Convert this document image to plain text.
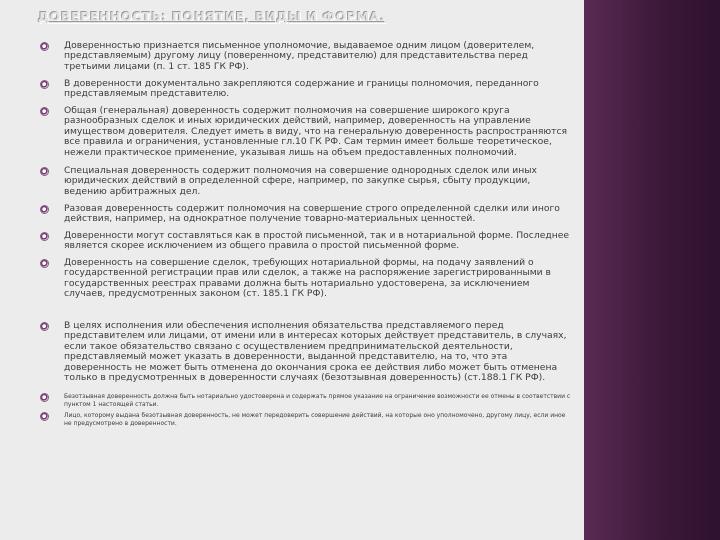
ДОВЕРЕННОСТЬ: ПОНЯТИЕ, ВИДЫ И ФОРМА.
Доверенностью признается письменное уполномочие, выдаваемое одним лицом (доверителем, представляемым) другому лицу (поверенному, представителю) для представительства перед третьими лицами (п. 1 ст. 185 ГК РФ).
В доверенности документально закрепляются содержание и границы полномочия, переданного представляемым представителю.
Общая (генеральная) доверенность содержит полномочия на совершение широкого круга разнообразных сделок и иных юридических действий, например, доверенность на управление имуществом доверителя. Следует иметь в виду, что на генеральную доверенность распространяются все правила и ограничения, установленные гл.10 ГК РФ. Сам термин имеет больше теоретическое, нежели практическое применение, указывая лишь на объем предоставленных полномочий.
Специальная доверенность содержит полномочия на совершение однородных сделок или иных юридических действий в определенной сфере, например, по закупке сырья, сбыту продукции, ведению арбитражных дел.
Разовая доверенность содержит полномочия на совершение строго определенной сделки или иного действия, например, на однократное получение товарно-материальных ценностей.
Доверенности могут составляться как в простой письменной, так и в нотариальной форме. Последнее является скорее исключением из общего правила о простой письменной форме.
Доверенность на совершение сделок, требующих нотариальной формы, на подачу заявлений о государственной регистрации прав или сделок, а также на распоряжение зарегистрированными в государственных реестрах правами должна быть нотариально удостоверена, за исключением случаев, предусмотренных законом (ст. 185.1 ГК РФ).
В целях исполнения или обеспечения исполнения обязательства представляемого перед представителем или лицами, от имени или в интересах которых действует представитель, в случаях, если такое обязательство связано с осуществлением предпринимательской деятельности, представляемый может указать в доверенности, выданной представителю, на то, что эта доверенность не может быть отменена до окончания срока ее действия либо может быть отменена только в предусмотренных в доверенности случаях (безотзывная доверенность) (ст.188.1 ГК РФ).
Безотзывная доверенность должна быть нотариально удостоверена и содержать прямое указание на ограничение возможности ее отмены в соответствии с пунктом 1 настоящей статьи.
Лицо, которому выдана безотзывная доверенность, не может передоверить совершение действий, на которые оно уполномочено, другому лицу, если иное не предусмотрено в доверенности.
